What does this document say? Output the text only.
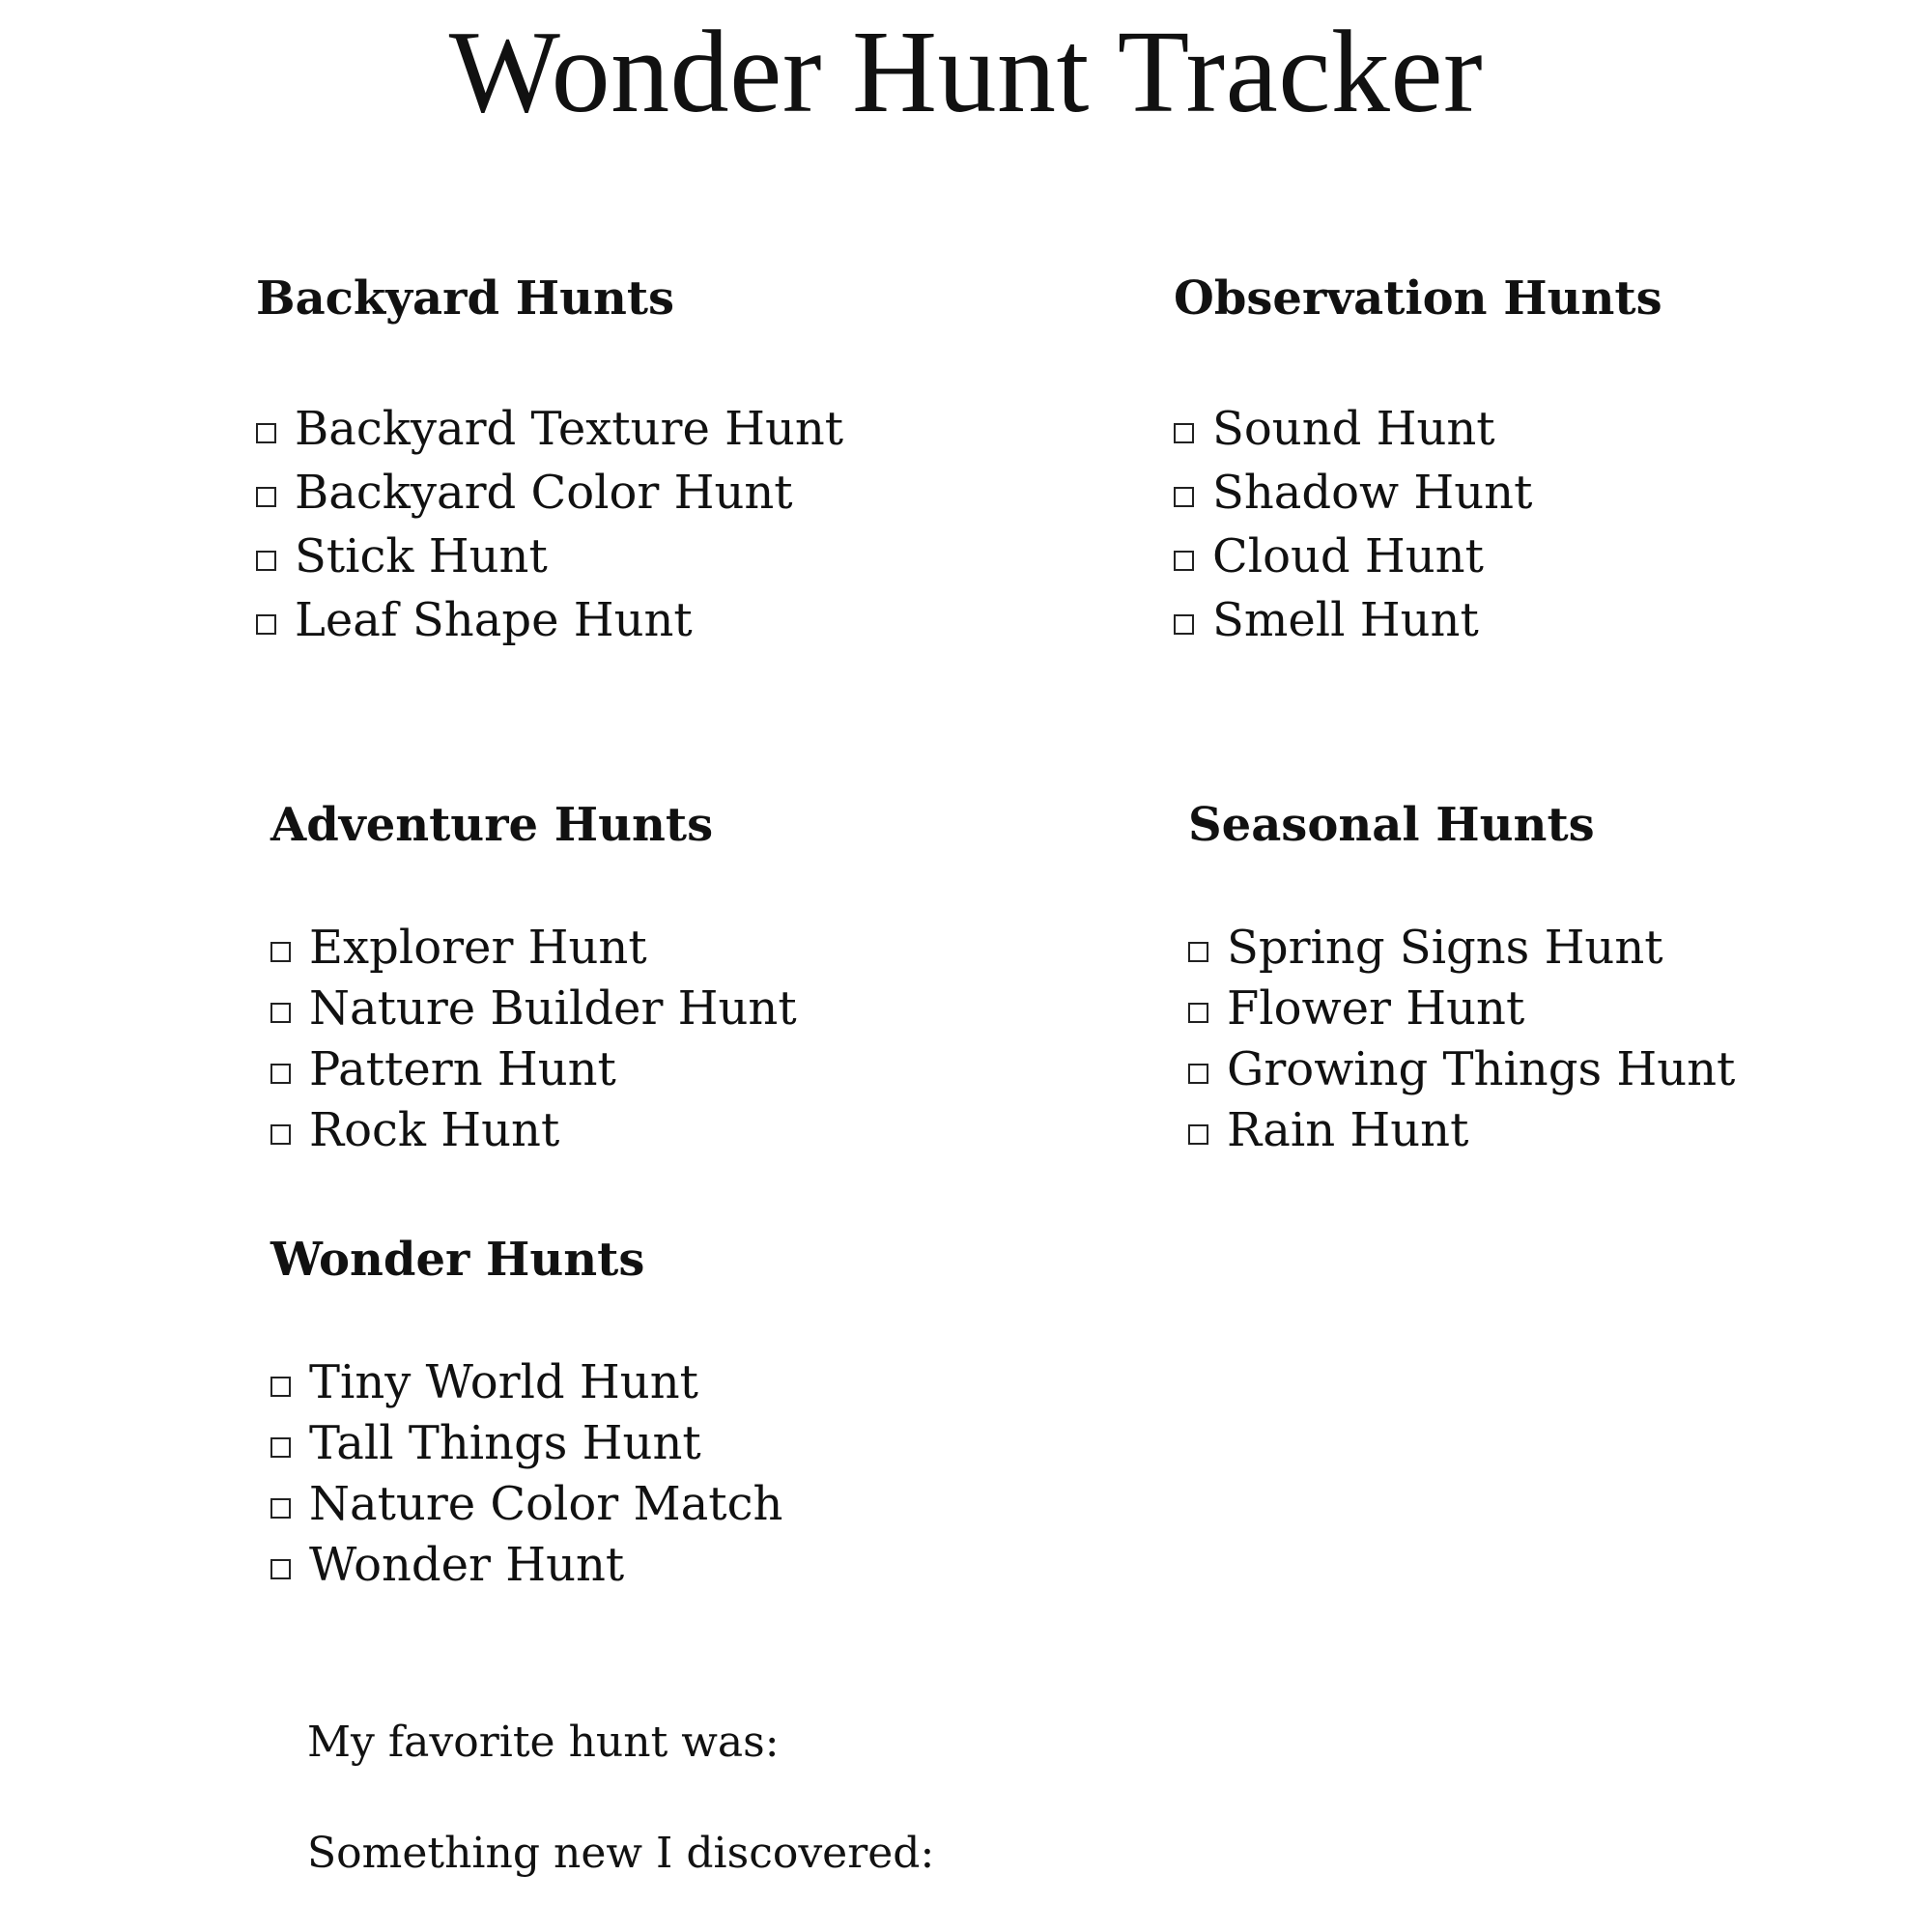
Wonder Hunt Tracker
Backyard Hunts
Backyard Texture Hunt
Backyard Color Hunt
Stick Hunt
Leaf Shape Hunt
Observation Hunts
Sound Hunt
Shadow Hunt
Cloud Hunt
Smell Hunt
Adventure Hunts
Explorer Hunt
Nature Builder Hunt
Pattern Hunt
Rock Hunt
Seasonal Hunts
Spring Signs Hunt
Flower Hunt
Growing Things Hunt
Rain Hunt
Wonder Hunts
Tiny World Hunt
Tall Things Hunt
Nature Color Match
Wonder Hunt
My favorite hunt was:
Something new I discovered:
